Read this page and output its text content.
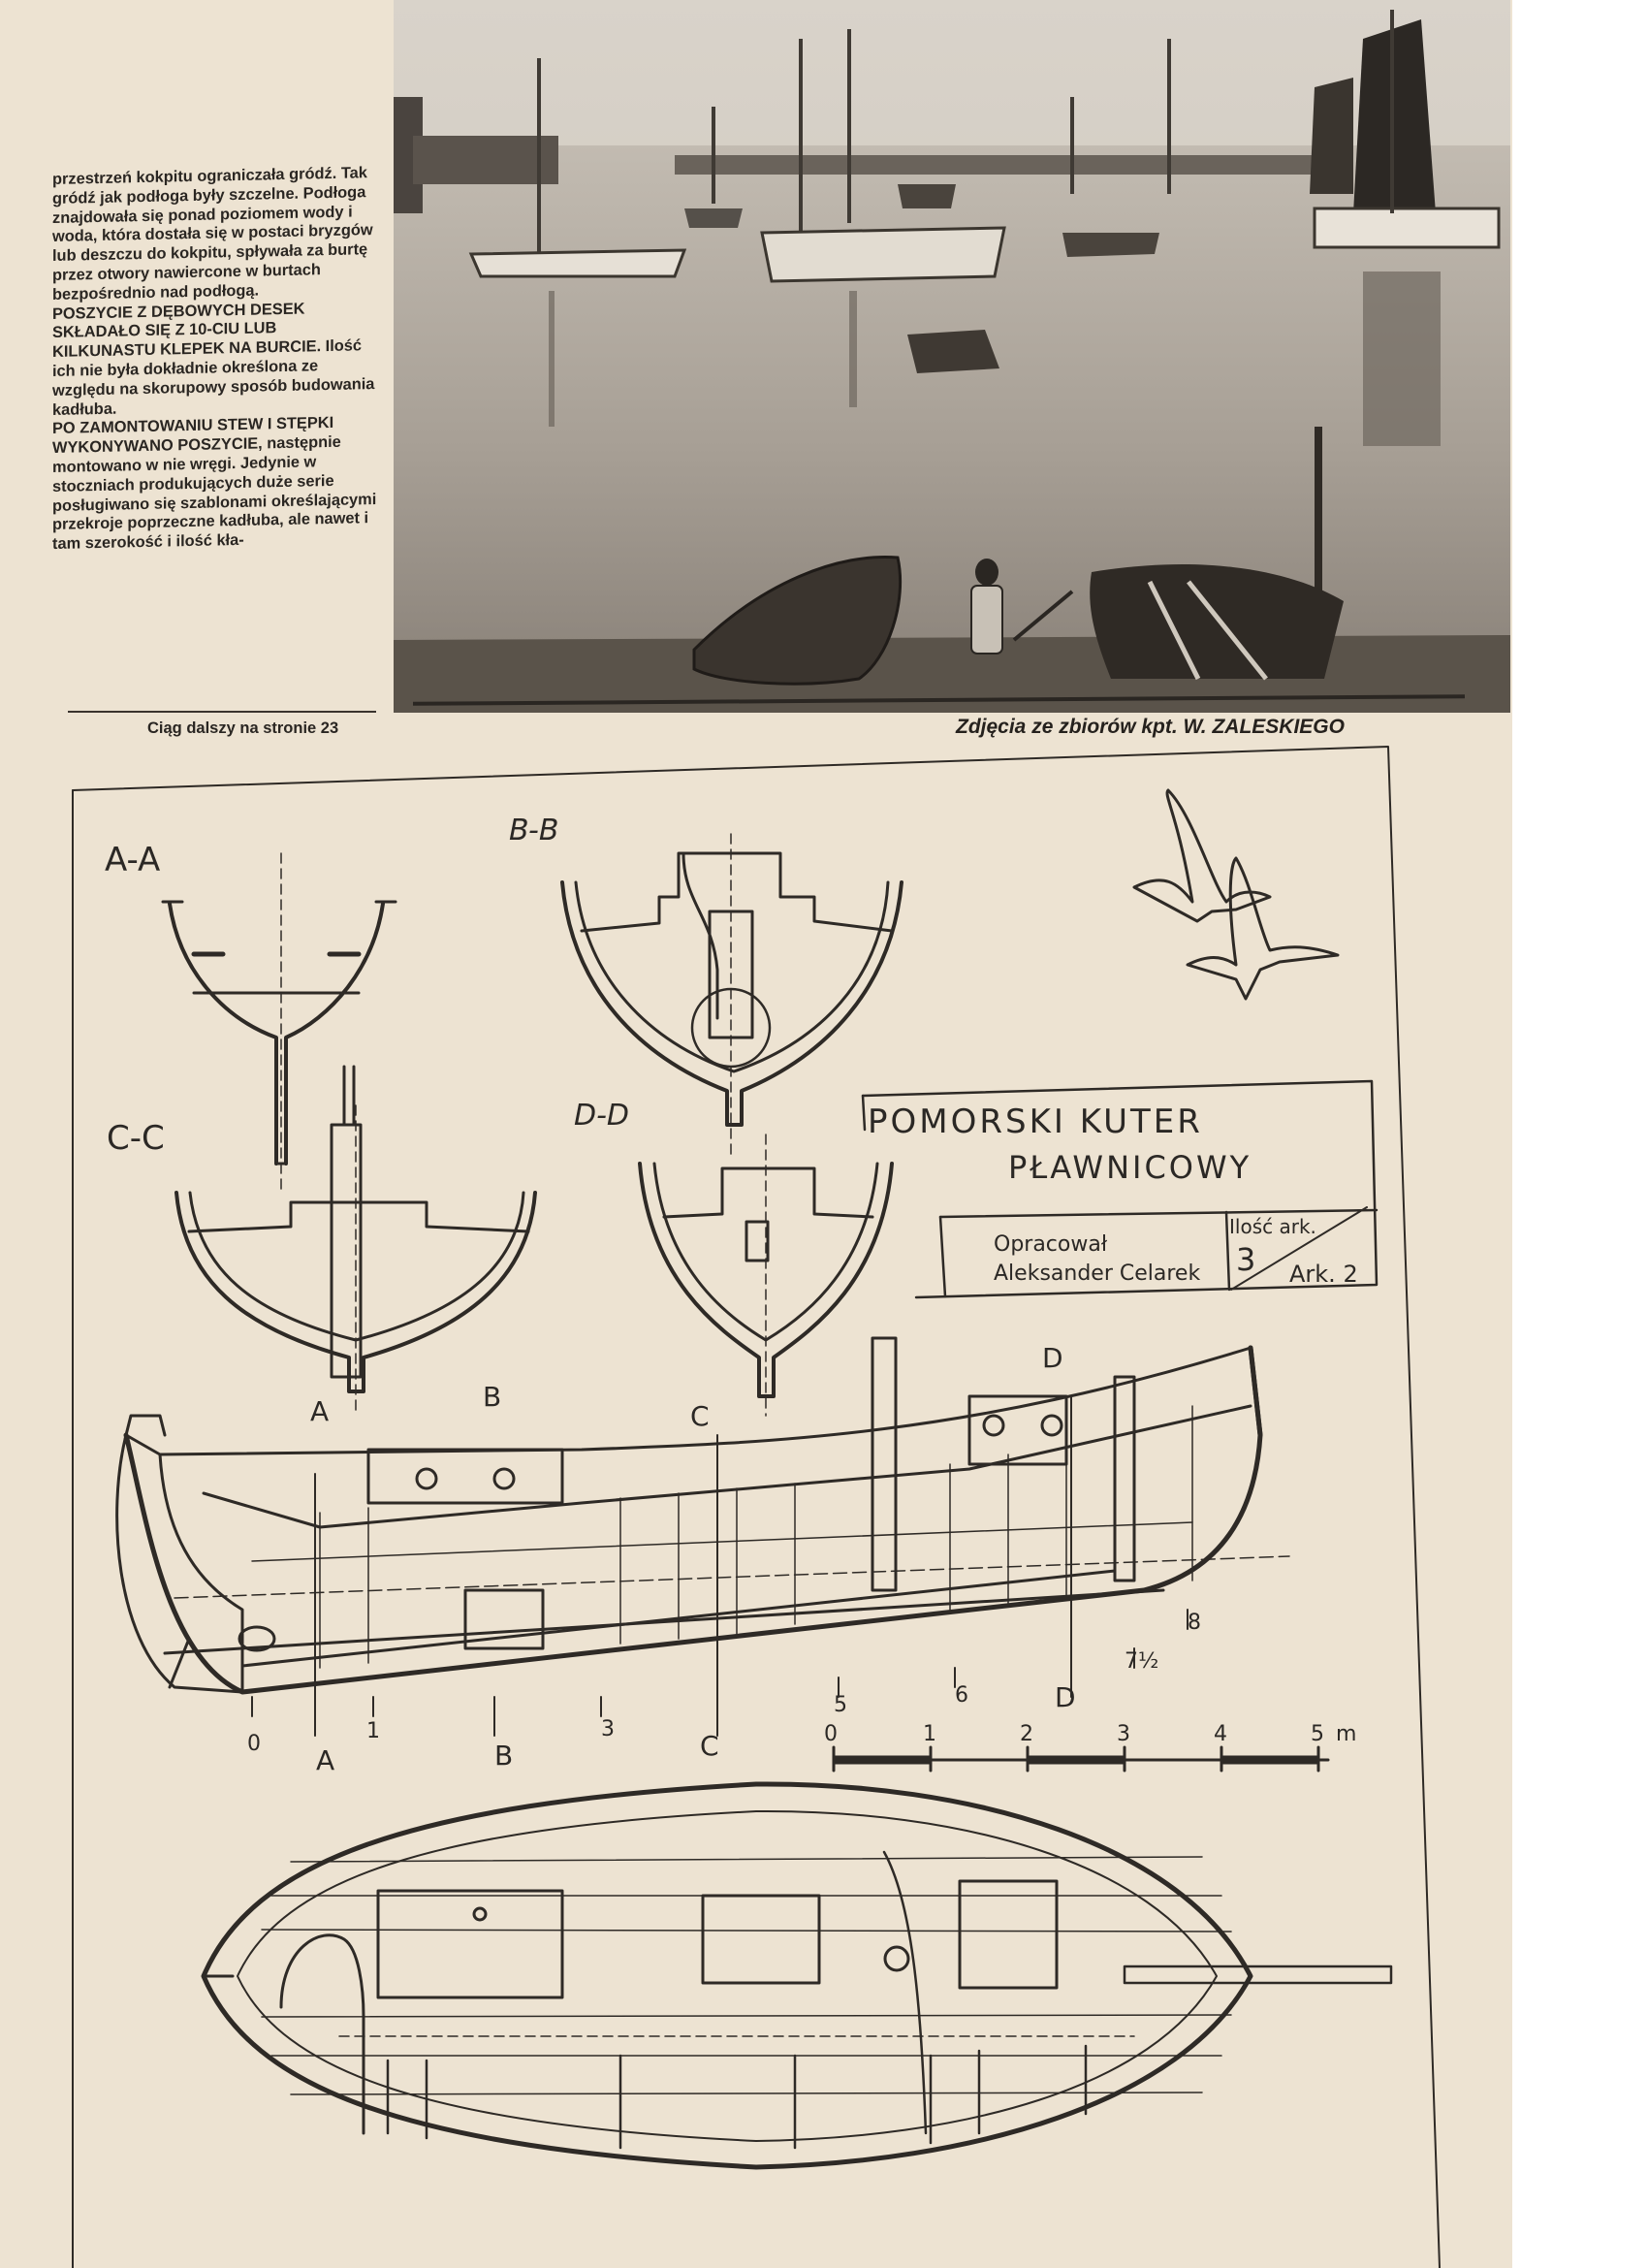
przestrzeń kokpitu ograniczała gródź. Tak gródź jak podłoga były szczelne. Podłoga znajdowała się ponad poziomem wody i woda, która dostała się w postaci bryzgów lub deszczu do kokpitu, spływała za burtę przez otwory nawiercone w burtach bezpośrednio nad podłogą.

POSZYCIE Z DĘBOWYCH DESEK SKŁADAŁO SIĘ Z 10-CIU LUB KILKUNASTU KLEPEK NA BURCIE. Ilość ich nie była dokładnie określona ze względu na skorupowy sposób budowania kadłuba.

PO ZAMONTOWANIU STEW I STĘPKI WYKONYWANO POSZYCIE, następnie montowano w nie wręgi. Jedynie w stoczniach produkujących duże serie posługiwano się szablonami określającymi przekroje poprzeczne kadłuba, ale nawet i tam szerokość i ilość kła-

Ciąg dalszy na stronie 23	Zdjęcia ze zbiorów kpt. W. ZALESKIEGO
A-A
B-B
C-C
D-D	POMORSKI KUTER
PŁAWNICOWY
Opracował
Aleksander Celarek
Ilość ark.
3 Ark. 2
A	B
C
D
A	B	C
D
0
1	3
5	6
7½
8
0	1	2	3	4	5 m
